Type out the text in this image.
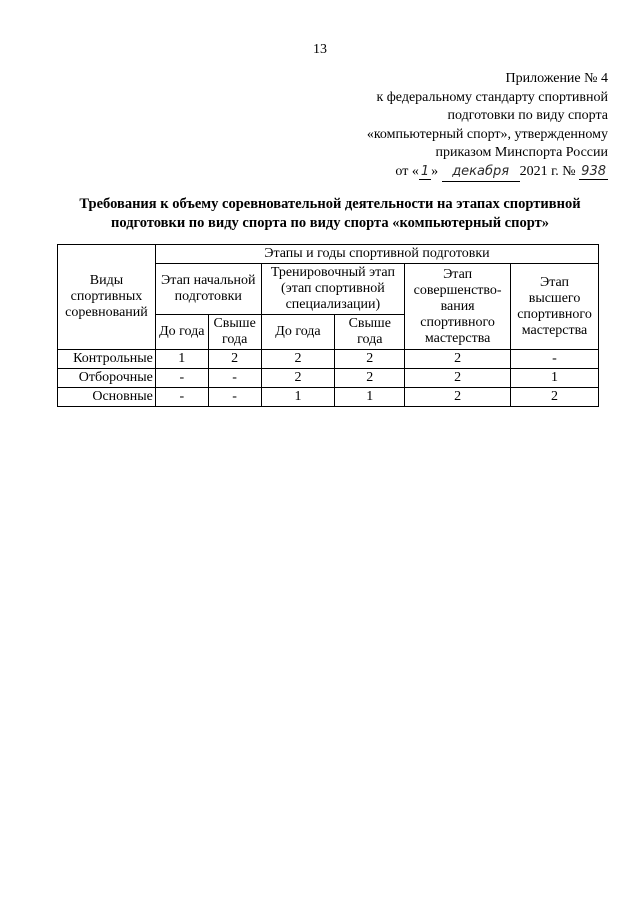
13
Приложение № 4
к федеральному стандарту спортивной
подготовки по виду спорта
«компьютерный спорт», утвержденному
приказом Минспорта России
от « 1 » декабря 2021 г. № 938
Требования к объему соревновательной деятельности на этапах спортивной
подготовки по виду спорта по виду спорта «компьютерный спорт»
Виды спортивных соревнований	Этапы и годы спортивной подготовки					
	Этап начальной подготовки		Тренировочный этап (этап спортивной специализации)		Этап совершенство-вания спортивного мастерства	Этап высшего спортивного мастерства
	До года	Свыше года	До года	Свыше года		
Контрольные	1	2	2	2	2	-
Отборочные	-	-	2	2	2	1
Основные	-	-	1	1	2	2
